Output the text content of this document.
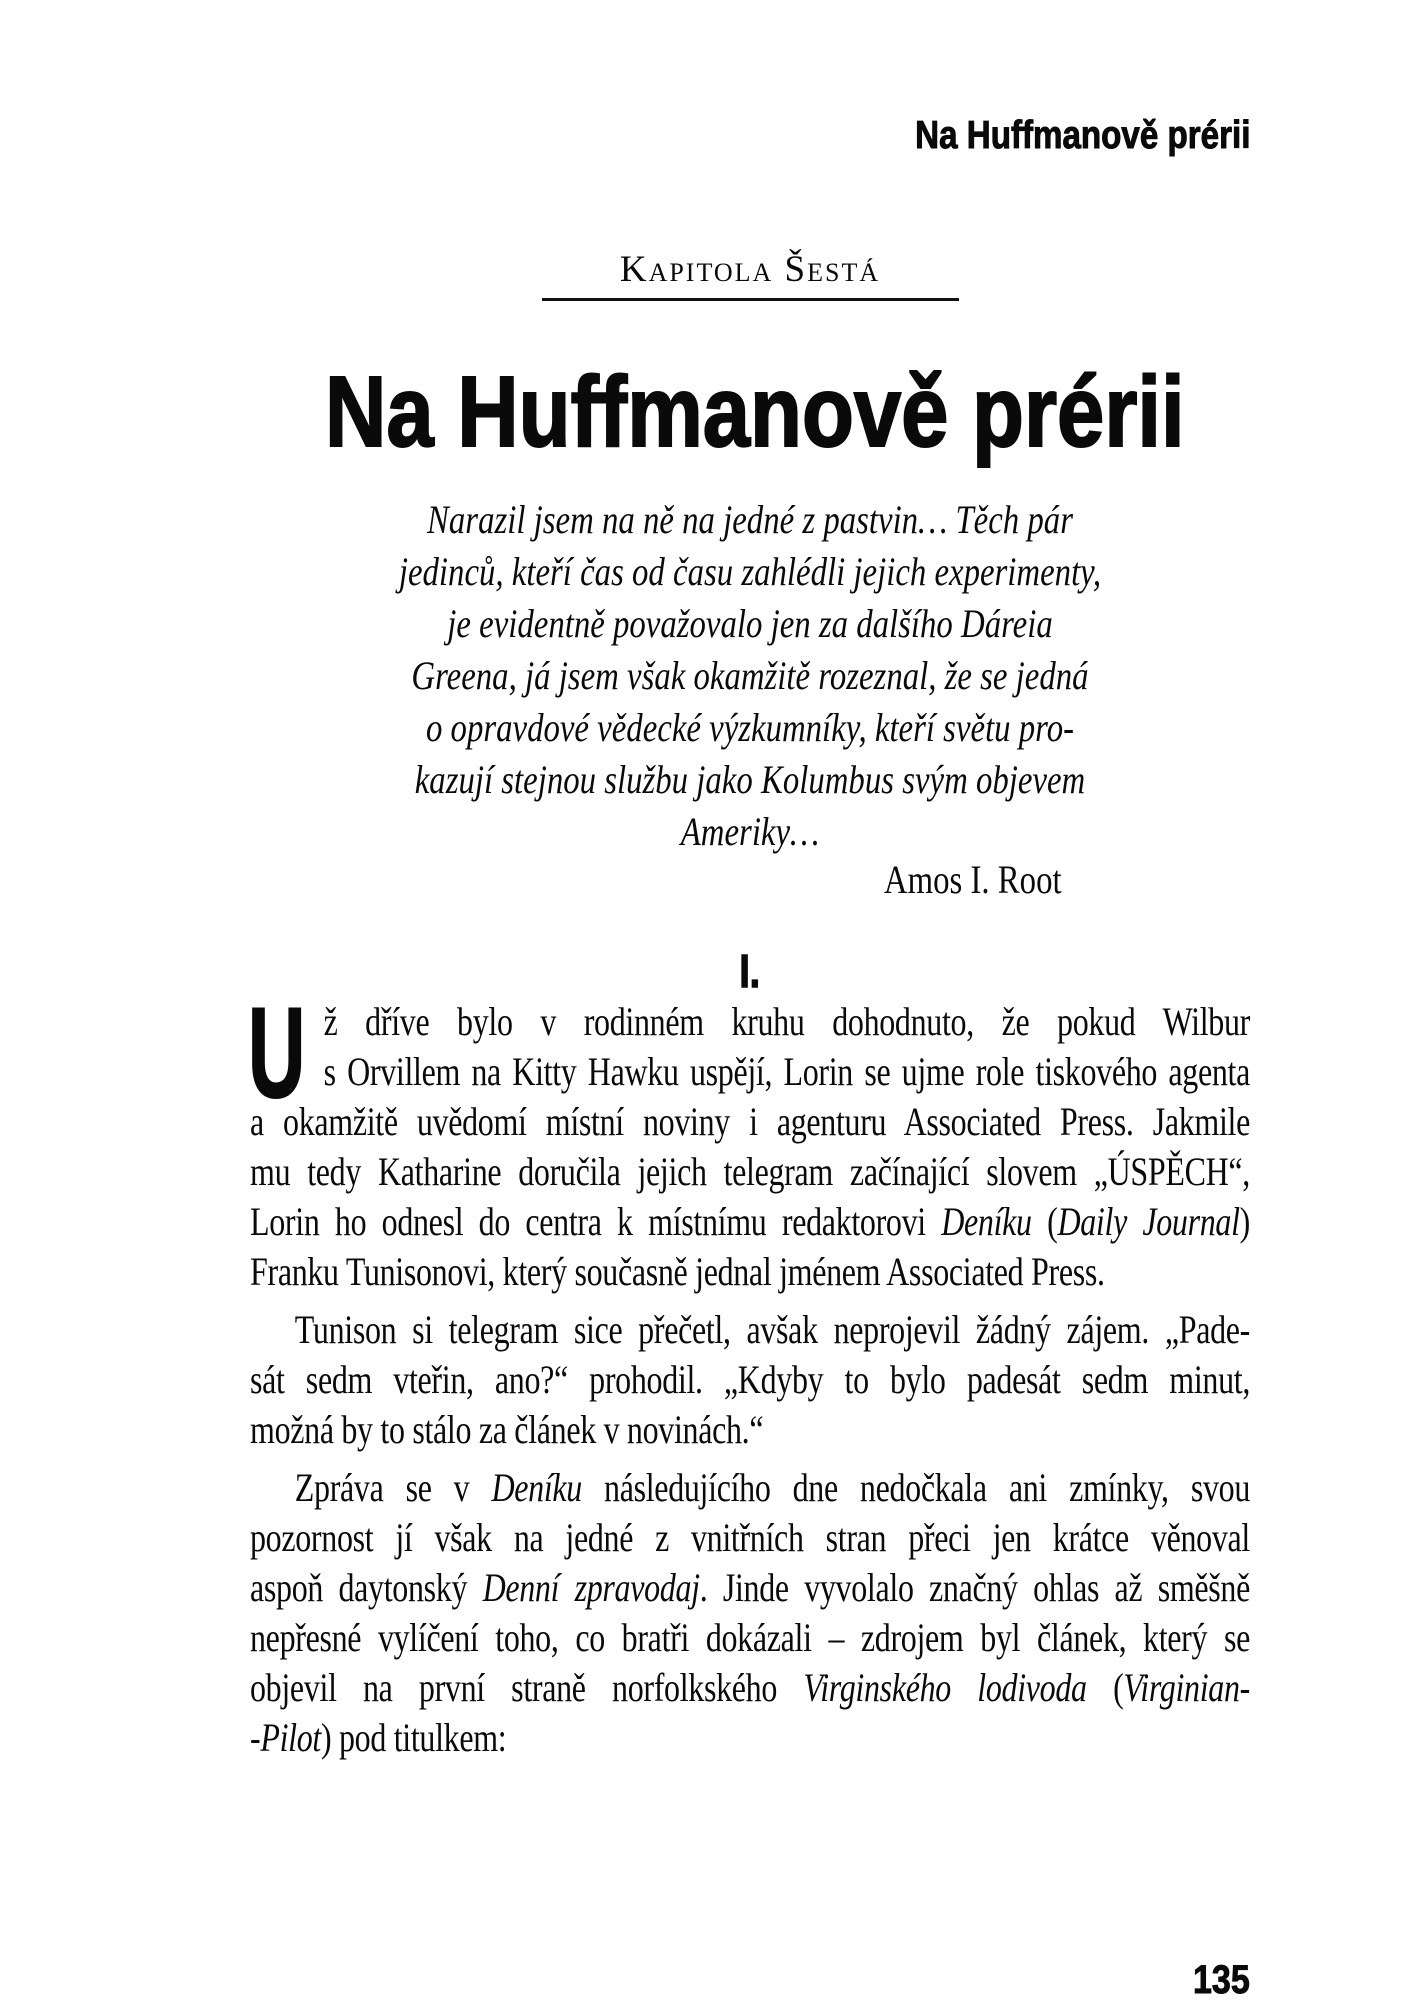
Na Huffmanově prérii
Kapitola Šestá
Na Huffmanově prérii
Narazil jsem na ně na jedné z pastvin… Těch pár
jedinců, kteří čas od času zahlédli jejich experimenty,
je evidentně považovalo jen za dalšího Dáreia
Greena, já jsem však okamžitě rozeznal, že se jedná
o opravdové vědecké výzkumníky, kteří světu pro-
kazují stejnou službu jako Kolumbus svým objevem
Ameriky…
Amos I. Root
I.
U ž dříve bylo v rodinném kruhu dohodnuto, že pokud Wilbur
s Orvillem na Kitty Hawku uspějí, Lorin se ujme role tiskového agenta
a okamžitě uvědomí místní noviny i agenturu Associated Press. Jakmile
mu tedy Katharine doručila jejich telegram začínající slovem „ÚSPĚCH“,
Lorin ho odnesl do centra k místnímu redaktorovi Deníku (Daily Journal)
Franku Tunisonovi, který současně jednal jménem Associated Press.
Tunison si telegram sice přečetl, avšak neprojevil žádný zájem. „Pade-
sát sedm vteřin, ano?“ prohodil. „Kdyby to bylo padesát sedm minut,
možná by to stálo za článek v novinách.“
Zpráva se v Deníku následujícího dne nedočkala ani zmínky, svou
pozornost jí však na jedné z vnitřních stran přeci jen krátce věnoval
aspoň daytonský Denní zpravodaj. Jinde vyvolalo značný ohlas až směšně
nepřesné vylíčení toho, co bratři dokázali – zdrojem byl článek, který se
objevil na první straně norfolkského Virginského lodivoda (Virginian-
-Pilot) pod titulkem:
135
